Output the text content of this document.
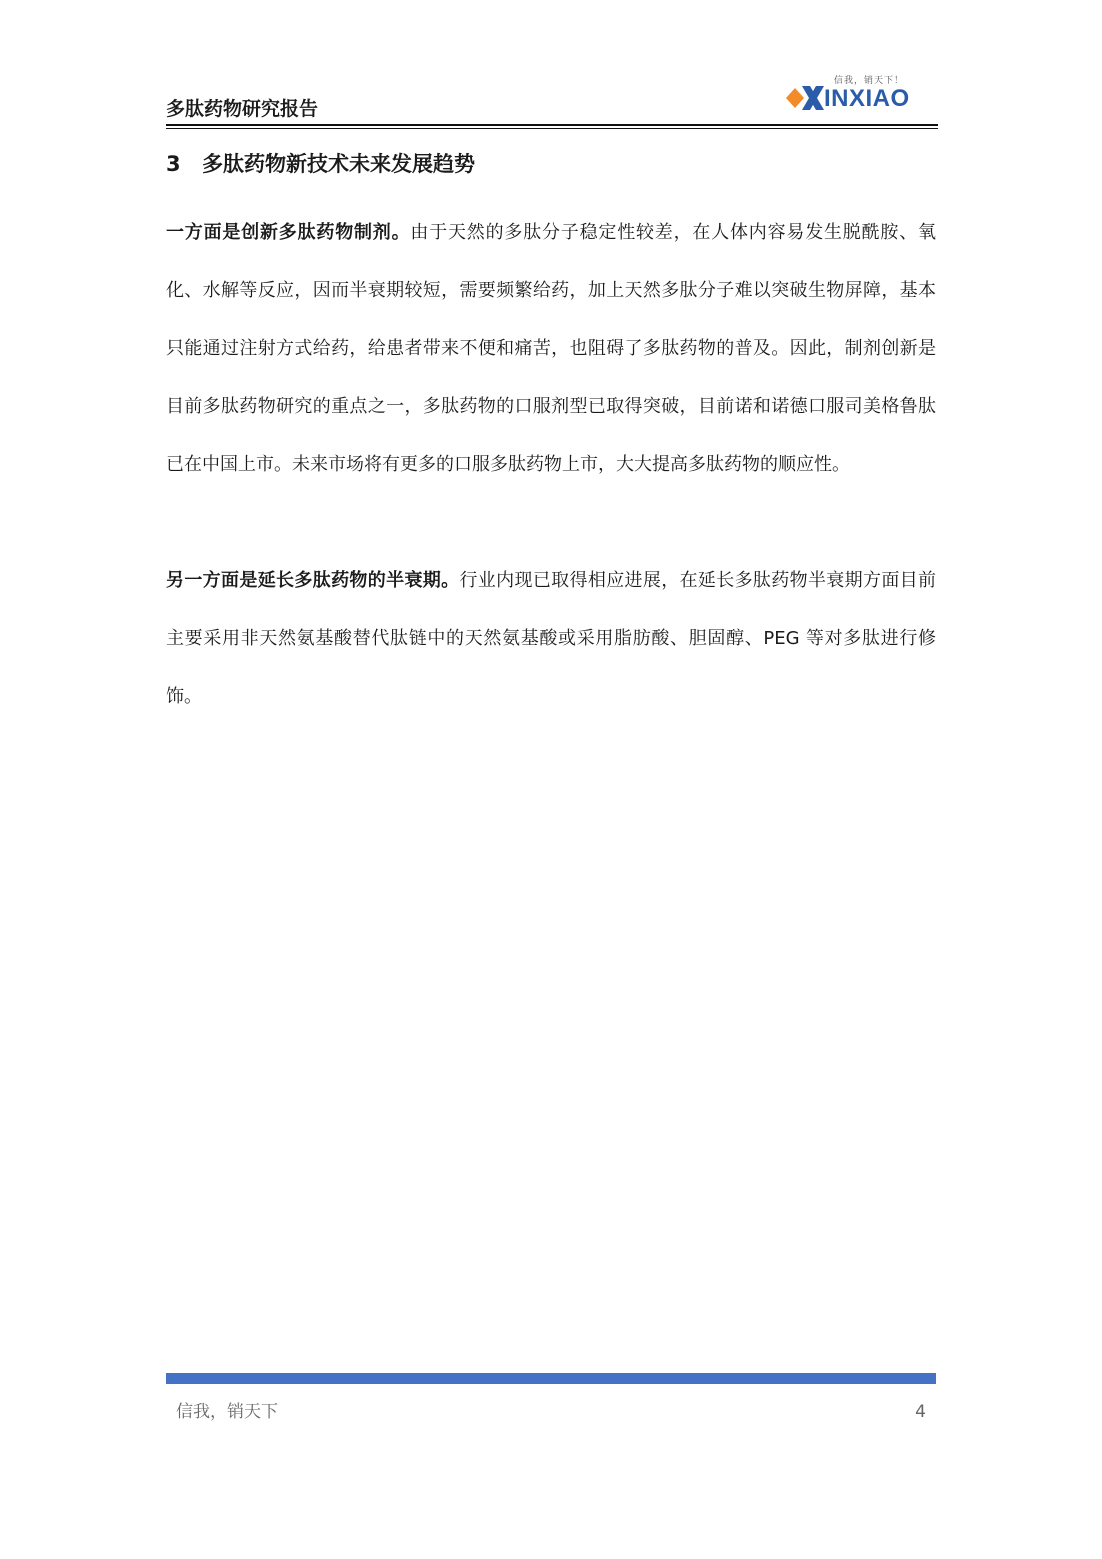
多肽药物研究报告
信我，销天下！
INXIAO
3 多肽药物新技术未来发展趋势

一方面是创新多肽药物制剂。由于天然的多肽分子稳定性较差，在人体内容易发生脱酰胺、氧化、水解等反应，因而半衰期较短，需要频繁给药，加上天然多肽分子难以突破生物屏障，基本只能通过注射方式给药，给患者带来不便和痛苦，也阻碍了多肽药物的普及。因此，制剂创新是目前多肽药物研究的重点之一，多肽药物的口服剂型已取得突破，目前诺和诺德口服司美格鲁肽已在中国上市。未来市场将有更多的口服多肽药物上市，大大提高多肽药物的顺应性。

另一方面是延长多肽药物的半衰期。行业内现已取得相应进展，在延长多肽药物半衰期方面目前主要采用非天然氨基酸替代肽链中的天然氨基酸或采用脂肪酸、胆固醇、PEG 等对多肽进行修饰。

信我，销天下	4
